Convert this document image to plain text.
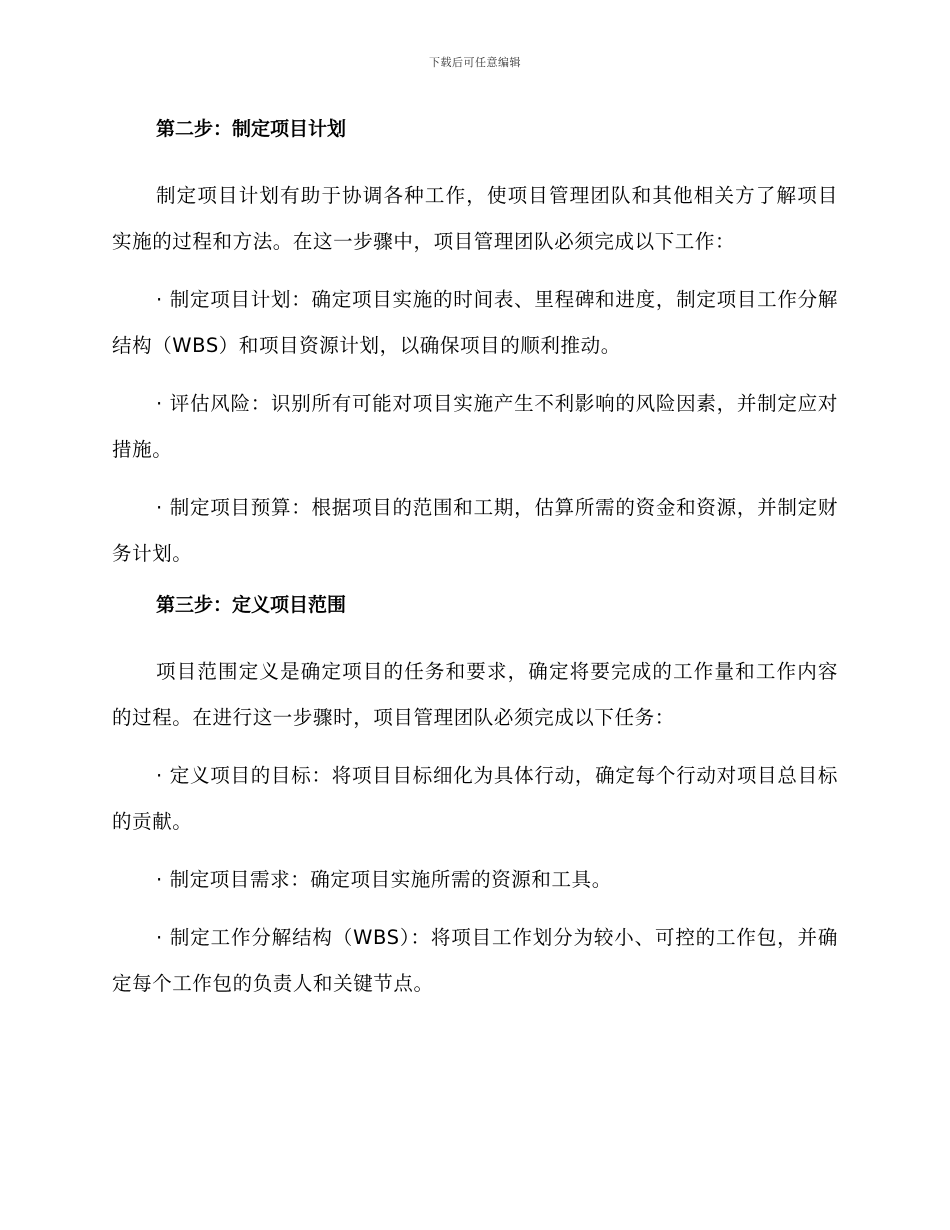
下载后可任意编辑
第二步：制定项目计划

制定项目计划有助于协调各种工作，使项目管理团队和其他相关方了解项目实施的过程和方法。在这一步骤中，项目管理团队必须完成以下工作：

· 制定项目计划：确定项目实施的时间表、里程碑和进度，制定项目工作分解结构（WBS）和项目资源计划，以确保项目的顺利推动。

· 评估风险：识别所有可能对项目实施产生不利影响的风险因素，并制定应对措施。

· 制定项目预算：根据项目的范围和工期，估算所需的资金和资源，并制定财务计划。

第三步：定义项目范围

项目范围定义是确定项目的任务和要求，确定将要完成的工作量和工作内容的过程。在进行这一步骤时，项目管理团队必须完成以下任务：

· 定义项目的目标：将项目目标细化为具体行动，确定每个行动对项目总目标的贡献。

· 制定项目需求：确定项目实施所需的资源和工具。

· 制定工作分解结构（WBS）：将项目工作划分为较小、可控的工作包，并确定每个工作包的负责人和关键节点。
